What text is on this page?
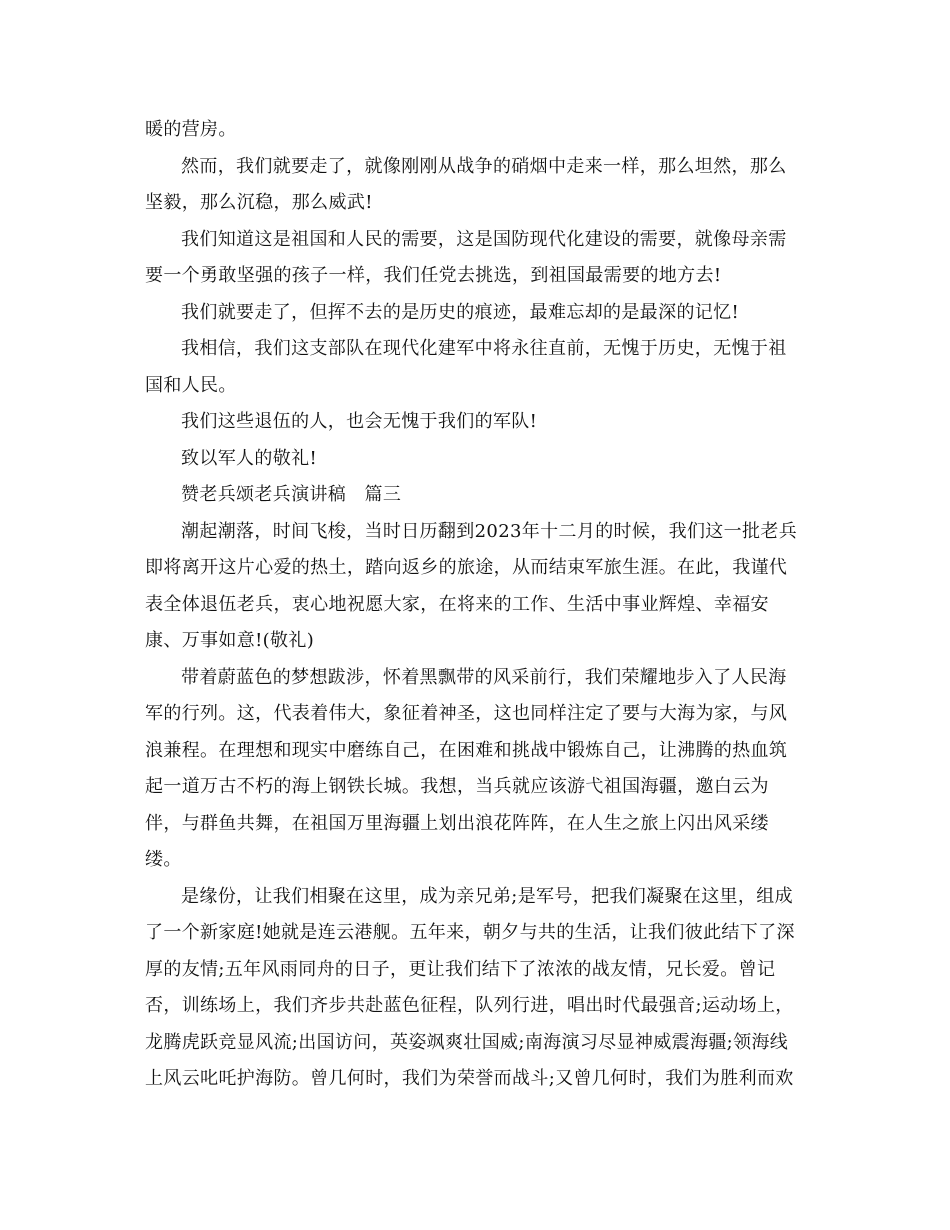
暖的营房。
然而，我们就要走了，就像刚刚从战争的硝烟中走来一样，那么坦然，那么
坚毅，那么沉稳，那么威武!
我们知道这是祖国和人民的需要，这是国防现代化建设的需要，就像母亲需
要一个勇敢坚强的孩子一样，我们任党去挑选，到祖国最需要的地方去!
我们就要走了，但挥不去的是历史的痕迹，最难忘却的是最深的记忆!
我相信，我们这支部队在现代化建军中将永往直前，无愧于历史，无愧于祖
国和人民。
我们这些退伍的人，也会无愧于我们的军队!
致以军人的敬礼!
赞老兵颂老兵演讲稿　篇三
潮起潮落，时间飞梭，当时日历翻到2023年十二月的时候，我们这一批老兵
即将离开这片心爱的热土，踏向返乡的旅途，从而结束军旅生涯。在此，我谨代
表全体退伍老兵，衷心地祝愿大家，在将来的工作、生活中事业辉煌、幸福安
康、万事如意!(敬礼)
带着蔚蓝色的梦想跋涉，怀着黑飘带的风采前行，我们荣耀地步入了人民海
军的行列。这，代表着伟大，象征着神圣，这也同样注定了要与大海为家，与风
浪兼程。在理想和现实中磨练自己，在困难和挑战中锻炼自己，让沸腾的热血筑
起一道万古不朽的海上钢铁长城。我想，当兵就应该游弋祖国海疆，邀白云为
伴，与群鱼共舞，在祖国万里海疆上划出浪花阵阵，在人生之旅上闪出风采缕
缕。
是缘份，让我们相聚在这里，成为亲兄弟;是军号，把我们凝聚在这里，组成
了一个新家庭!她就是连云港舰。五年来，朝夕与共的生活，让我们彼此结下了深
厚的友情;五年风雨同舟的日子，更让我们结下了浓浓的战友情，兄长爱。曾记
否，训练场上，我们齐步共赴蓝色征程，队列行进，唱出时代最强音;运动场上，
龙腾虎跃竞显风流;出国访问，英姿飒爽壮国威;南海演习尽显神威震海疆;领海线
上风云叱吒护海防。曾几何时，我们为荣誉而战斗;又曾几何时，我们为胜利而欢
